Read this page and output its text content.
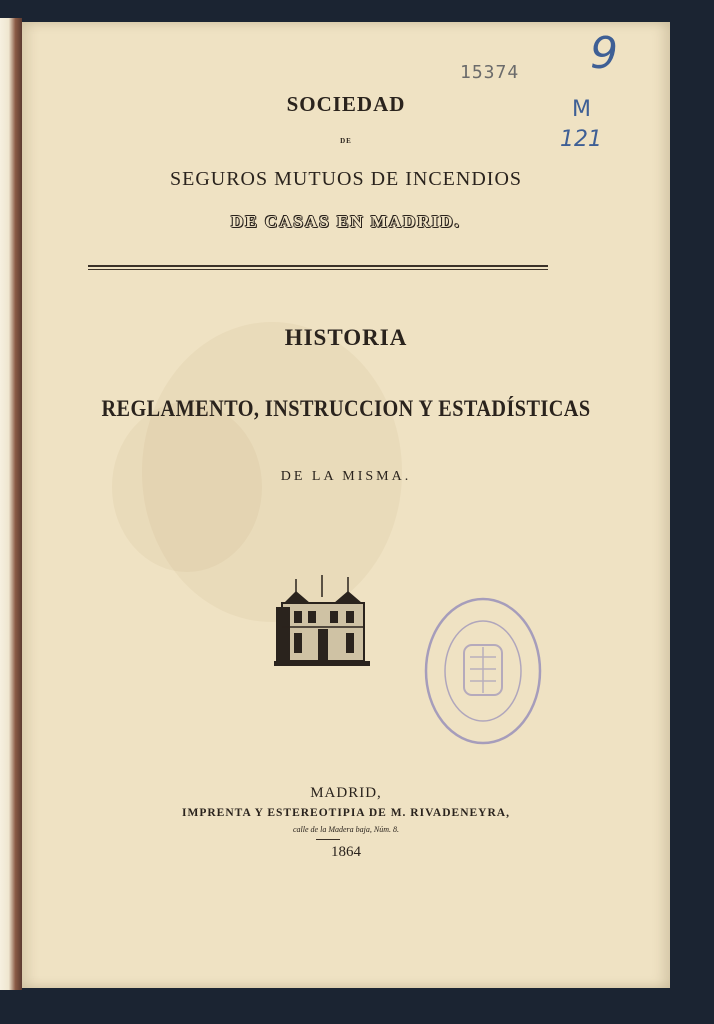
15374 9
M
121
SOCIEDAD
DE
SEGUROS MUTUOS DE INCENDIOS
DE CASAS EN MADRID.
HISTORIA
REGLAMENTO, INSTRUCCION Y ESTADÍSTICAS
DE LA MISMA.
MADRID,
IMPRENTA Y ESTEREOTIPIA DE M. RIVADENEYRA,
calle de la Madera baja, Núm. 8.
1864
